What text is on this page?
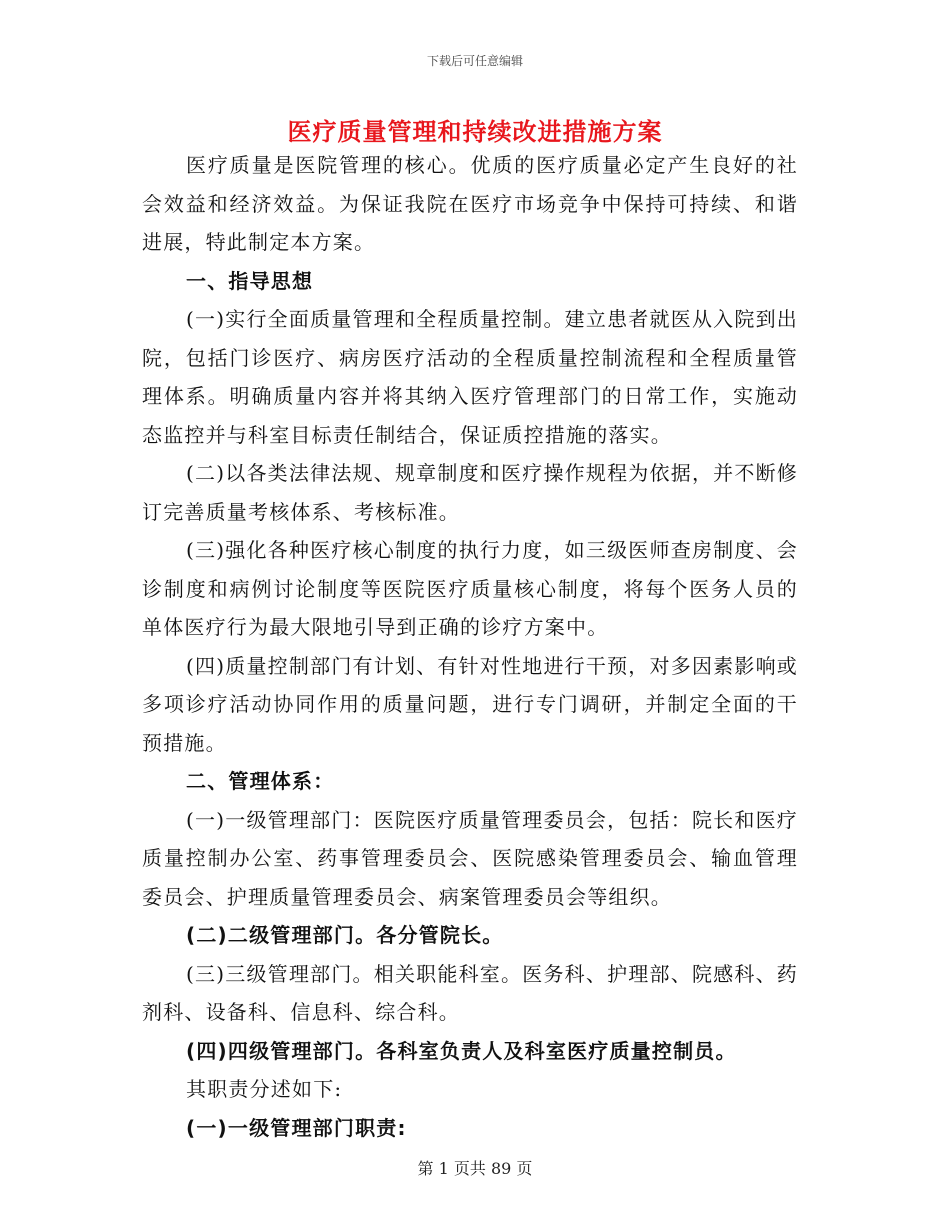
下载后可任意编辑
医疗质量管理和持续改进措施方案

医疗质量是医院管理的核心。优质的医疗质量必定产生良好的社会效益和经济效益。为保证我院在医疗市场竞争中保持可持续、和谐进展，特此制定本方案。

一、指导思想

(一)实行全面质量管理和全程质量控制。建立患者就医从入院到出院，包括门诊医疗、病房医疗活动的全程质量控制流程和全程质量管理体系。明确质量内容并将其纳入医疗管理部门的日常工作，实施动态监控并与科室目标责任制结合，保证质控措施的落实。

(二)以各类法律法规、规章制度和医疗操作规程为依据，并不断修订完善质量考核体系、考核标准。

(三)强化各种医疗核心制度的执行力度，如三级医师查房制度、会诊制度和病例讨论制度等医院医疗质量核心制度，将每个医务人员的单体医疗行为最大限地引导到正确的诊疗方案中。

(四)质量控制部门有计划、有针对性地进行干预，对多因素影响或多项诊疗活动协同作用的质量问题，进行专门调研，并制定全面的干预措施。

二、管理体系：

(一)一级管理部门：医院医疗质量管理委员会，包括：院长和医疗质量控制办公室、药事管理委员会、医院感染管理委员会、输血管理委员会、护理质量管理委员会、病案管理委员会等组织。

(二)二级管理部门。各分管院长。

(三)三级管理部门。相关职能科室。医务科、护理部、院感科、药剂科、设备科、信息科、综合科。

(四)四级管理部门。各科室负责人及科室医疗质量控制员。

其职责分述如下:

(一)一级管理部门职责:

第 1 页共 89 页
